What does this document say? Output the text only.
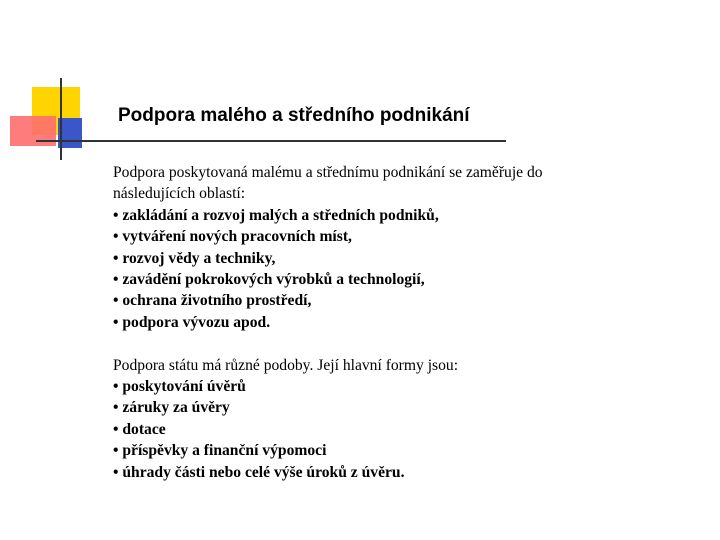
Podpora malého a středního podnikání
Podpora poskytovaná malému a střednímu podnikání se zaměřuje do
následujících oblastí:
• zakládání a rozvoj malých a středních podniků,
• vytváření nových pracovních míst,
• rozvoj vědy a techniky,
• zavádění pokrokových výrobků a technologií,
• ochrana životního prostředí,
• podpora vývozu apod.
Podpora státu má různé podoby. Její hlavní formy jsou:
• poskytování úvěrů
• záruky za úvěry
• dotace
• příspěvky a finanční výpomoci
• úhrady části nebo celé výše úroků z úvěru.
